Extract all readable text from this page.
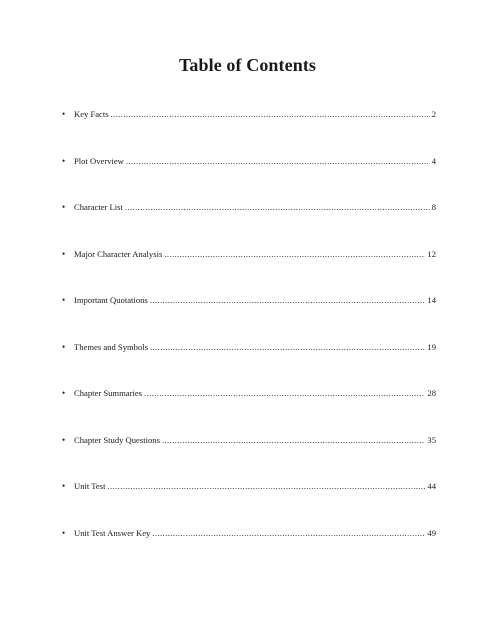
Table of Contents
•	Key Facts .....	2
•	Plot Overview .....	4
•	Character List .....	8
•	Major Character Analysis .....	12
•	Important Quotations .....	14
•	Themes and Symbols .....	19
•	Chapter Summaries .....	28
•	Chapter Study Questions .....	35
•	Unit Test .....	44
•	Unit Test Answer Key .....	49
